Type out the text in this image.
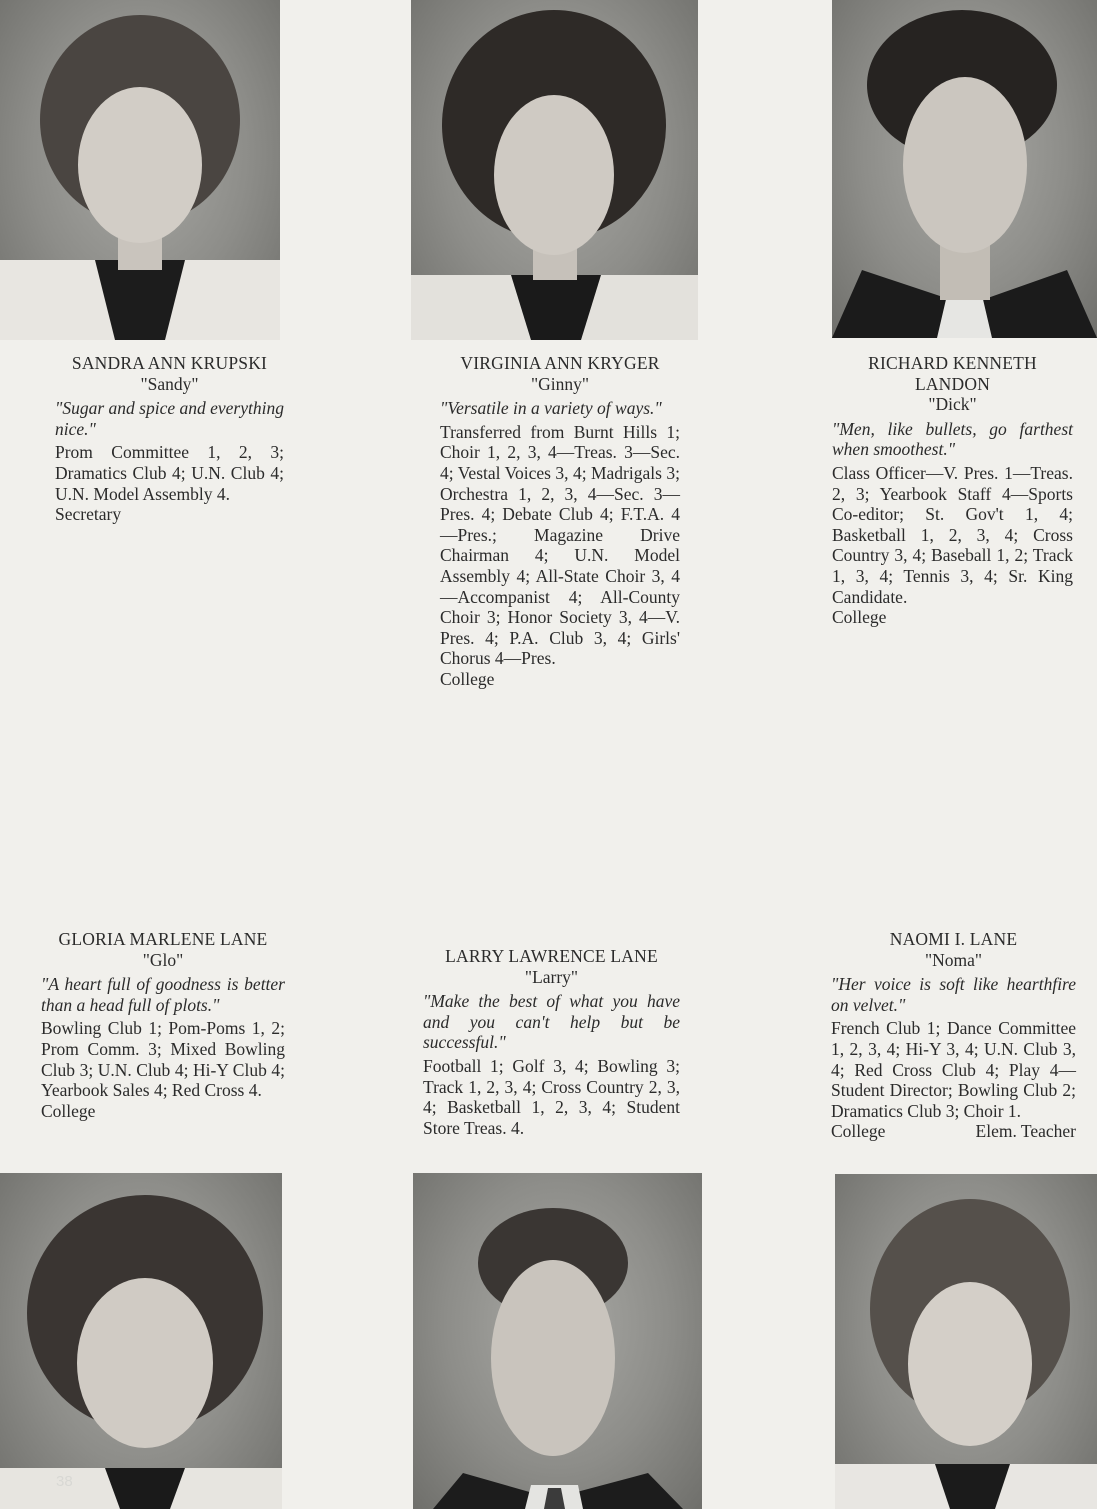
SANDRA ANN KRUPSKI
"Sandy"
"Sugar and spice and everything nice."
Prom Committee 1, 2, 3; Dramatics Club 4; U.N. Club 4; U.N. Model Assembly 4.
Secretary
VIRGINIA ANN KRYGER
"Ginny"
"Versatile in a variety of ways."
Transferred from Burnt Hills 1; Choir 1, 2, 3, 4—Treas. 3—Sec. 4; Vestal Voices 3, 4; Madrigals 3; Orchestra 1, 2, 3, 4—Sec. 3—Pres. 4; Debate Club 4; F.T.A. 4—Pres.; Magazine Drive Chairman 4; U.N. Model Assembly 4; All-State Choir 3, 4—Accompanist 4; All-County Choir 3; Honor Society 3, 4—V. Pres. 4; P.A. Club 3, 4; Girls' Chorus 4—Pres.
College
RICHARD KENNETH LANDON
"Dick"
"Men, like bullets, go farthest when smoothest."
Class Officer—V. Pres. 1—Treas. 2, 3; Yearbook Staff 4—Sports Co-editor; St. Gov't 1, 4; Basketball 1, 2, 3, 4; Cross Country 3, 4; Baseball 1, 2; Track 1, 3, 4; Tennis 3, 4; Sr. King Candidate.
College
GLORIA MARLENE LANE
"Glo"
"A heart full of goodness is better than a head full of plots."
Bowling Club 1; Pom-Poms 1, 2; Prom Comm. 3; Mixed Bowling Club 3; U.N. Club 4; Hi-Y Club 4; Yearbook Sales 4; Red Cross 4.
College
LARRY LAWRENCE LANE
"Larry"
"Make the best of what you have and you can't help but be successful."
Football 1; Golf 3, 4; Bowling 3; Track 1, 2, 3, 4; Cross Country 2, 3, 4; Basketball 1, 2, 3, 4; Student Store Treas. 4.
NAOMI I. LANE
"Noma"
"Her voice is soft like hearthfire on velvet."
French Club 1; Dance Committee 1, 2, 3, 4; Hi-Y 3, 4; U.N. Club 3, 4; Red Cross Club 4; Play 4—Student Director; Bowling Club 2; Dramatics Club 3; Choir 1.
College	Elem. Teacher
38
